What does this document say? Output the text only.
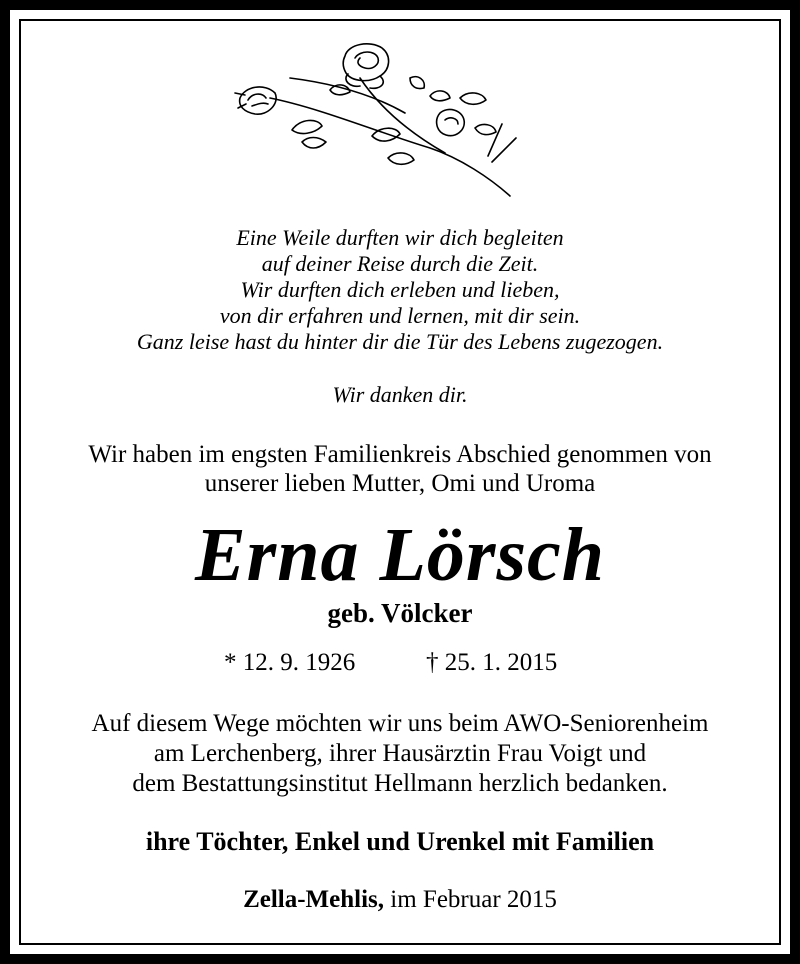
Eine Weile durften wir dich begleiten
auf deiner Reise durch die Zeit.
Wir durften dich erleben und lieben,
von dir erfahren und lernen, mit dir sein.
Ganz leise hast du hinter dir die Tür des Lebens zugezogen.
Wir danken dir.
Wir haben im engsten Familienkreis Abschied genommen von
unserer lieben Mutter, Omi und Uroma
Erna Lörsch
geb. Völcker
* 12. 9. 1926	† 25. 1. 2015
Auf diesem Wege möchten wir uns beim AWO-Seniorenheim
am Lerchenberg, ihrer Hausärztin Frau Voigt und
dem Bestattungsinstitut Hellmann herzlich bedanken.
ihre Töchter, Enkel und Urenkel mit Familien
Zella-Mehlis, im Februar 2015
